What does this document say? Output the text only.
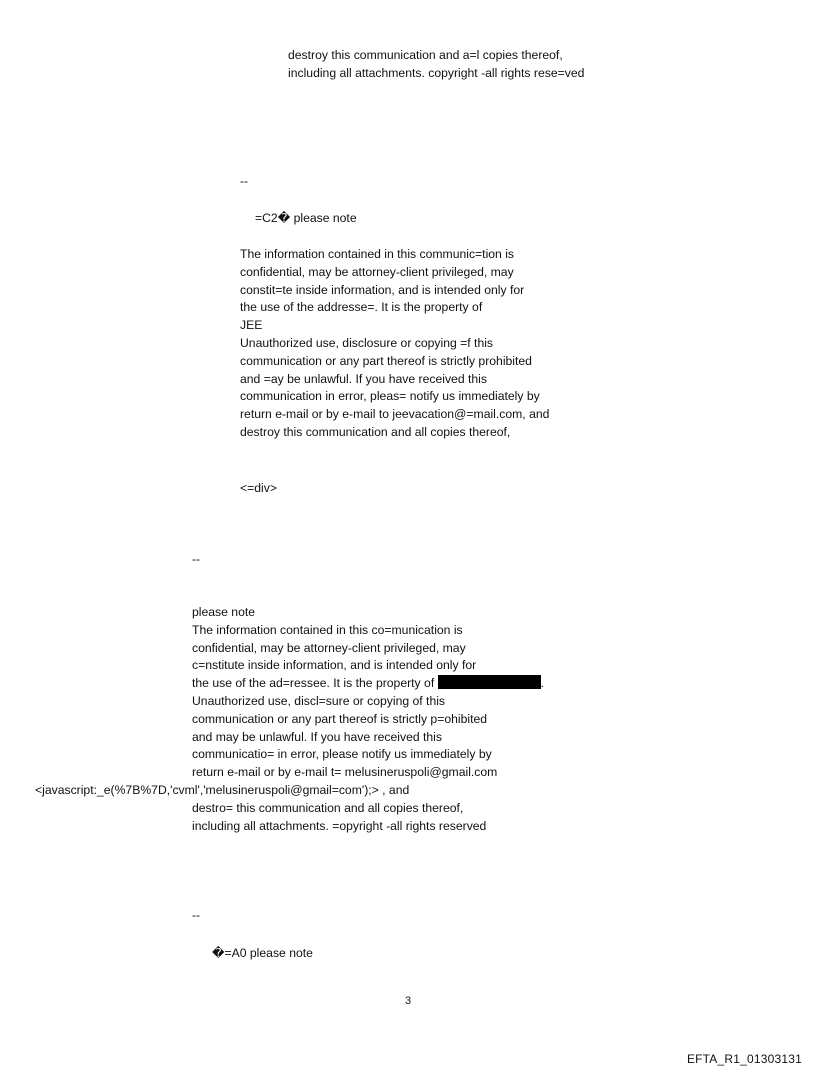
destroy this communication and a=l copies thereof,
including all attachments. copyright -all rights rese=ved
--
=C2� please note
The information contained in this communic=tion is
confidential, may be attorney-client privileged, may
constit=te inside information, and is intended only for
the use of the addresse=. It is the property of
JEE
Unauthorized use, disclosure or copying =f this
communication or any part thereof is strictly prohibited
and =ay be unlawful. If you have received this
communication in error, pleas= notify us immediately by
return e-mail or by e-mail to jeevacation@=mail.com, and
destroy this communication and all copies thereof,
<=div>
--
please note
The information contained in this co=munication is
confidential, may be attorney-client privileged, may
c=nstitute inside information, and is intended only for
the use of the ad=ressee. It is the property of	.
Unauthorized use, discl=sure or copying of this
communication or any part thereof is strictly p=ohibited
and may be unlawful. If you have received this
communicatio= in error, please notify us immediately by
return e-mail or by e-mail t= melusineruspoli@gmail.com
<javascript:_e(%7B%7D,'cvml','melusineruspoli@gmail=com');> , and
destro= this communication and all copies thereof,
including all attachments. =opyright -all rights reserved
--
�=A0 please note
3
EFTA_R1_01303131
